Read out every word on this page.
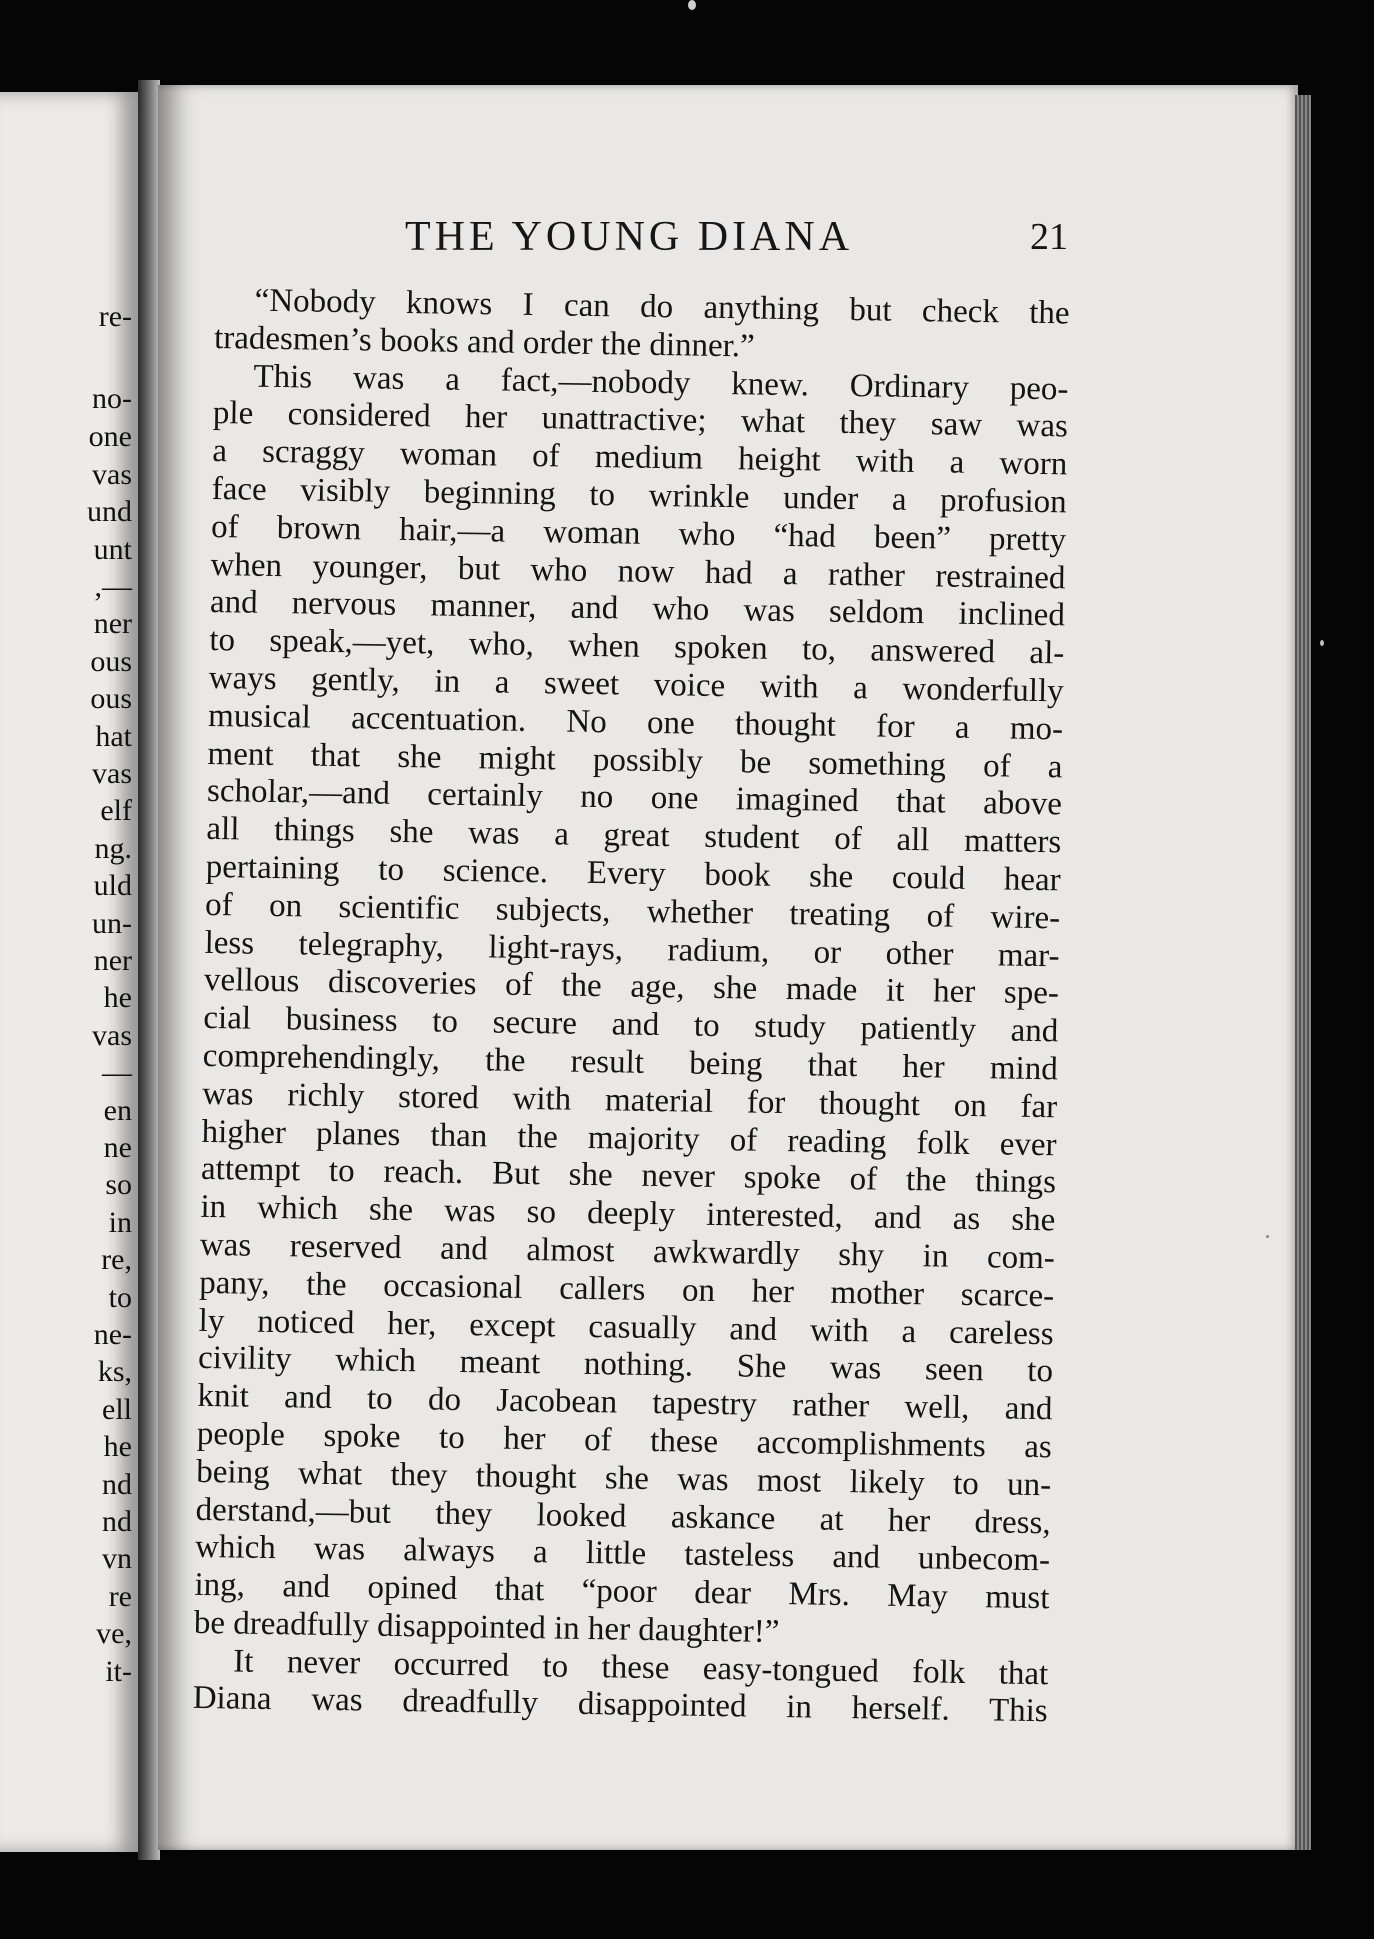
re-
no-
one
vas
und
unt
,—
ner
ous
ous
hat
vas
elf
ng.
uld
un-
ner
he
vas
—
en
ne
so
in
re,
to
ne-
ks,
ell
he
nd
nd
vn
re
ve,
it-
THE YOUNG DIANA	21
“Nobody knows I can do anything but check the
tradesmen’s books and order the dinner.”
This was a fact,—nobody knew. Ordinary peo-
ple considered her unattractive; what they saw was
a scraggy woman of medium height with a worn
face visibly beginning to wrinkle under a profusion
of brown hair,—a woman who “had been” pretty
when younger, but who now had a rather restrained
and nervous manner, and who was seldom inclined
to speak,—yet, who, when spoken to, answered al-
ways gently, in a sweet voice with a wonderfully
musical accentuation. No one thought for a mo-
ment that she might possibly be something of a
scholar,—and certainly no one imagined that above
all things she was a great student of all matters
pertaining to science. Every book she could hear
of on scientific subjects, whether treating of wire-
less telegraphy, light-rays, radium, or other mar-
vellous discoveries of the age, she made it her spe-
cial business to secure and to study patiently and
comprehendingly, the result being that her mind
was richly stored with material for thought on far
higher planes than the majority of reading folk ever
attempt to reach. But she never spoke of the things
in which she was so deeply interested, and as she
was reserved and almost awkwardly shy in com-
pany, the occasional callers on her mother scarce-
ly noticed her, except casually and with a careless
civility which meant nothing. She was seen to
knit and to do Jacobean tapestry rather well, and
people spoke to her of these accomplishments as
being what they thought she was most likely to un-
derstand,—but they looked askance at her dress,
which was always a little tasteless and unbecom-
ing, and opined that “poor dear Mrs. May must
be dreadfully disappointed in her daughter!”
It never occurred to these easy-tongued folk that
Diana was dreadfully disappointed in herself. This
